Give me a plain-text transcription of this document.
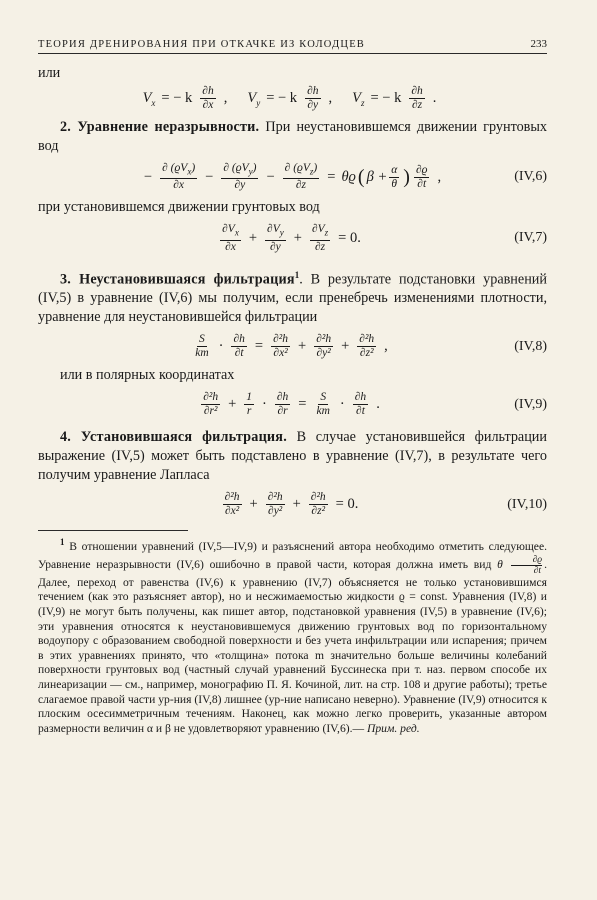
ТЕОРИЯ ДРЕНИРОВАНИЯ ПРИ ОТКАЧКЕ ИЗ КОЛОДЦЕВ	233

или

$V_x$ = − k $\frac{\partial h}{\partial x}$ , $V_y$ = − k $\frac{\partial h}{\partial y}$ , $V_z$ = − k $\frac{\partial h}{\partial z}$ .

2. Уравнение неразрывности. При неустановившемся движении грунтовых вод

− $\frac{\partial (ϱV_x)}{\partial x} - \frac{\partial (ϱV_y)}{\partial y} - \frac{\partial (ϱV_z)}{\partial z} = \theta ϱ$ ( $\beta + \frac{\alpha}{\theta}$ ) $\frac{\partial ϱ}{\partial t}$ ,	(IV,6)

при установившемся движении грунтовых вод

$\frac{\partial V_x}{\partial x} + \frac{\partial V_y}{\partial y} + \frac{\partial V_z}{\partial z} = 0$.	(IV,7)

3. Неустановившаяся фильтрация$^1$. В результате подстановки уравнений (IV,5) в уравнение (IV,6) мы получим, если пренебречь изменениями плотности, уравнение для неустановившейся фильтрации

$\frac{S}{km} \cdot \frac{\partial h}{\partial t} = \frac{\text{∂²h}}{\text{∂x²}} + \frac{\text{∂²h}}{\text{∂y²}} + \frac{\text{∂²h}}{\text{∂z²}}$ ,	(IV,8)

или в полярных координатах

$\frac{\text{∂²h}}{\text{∂r²}} + \frac{1}{r} \cdot \frac{\partial h}{\partial r} = \frac{S}{km} \cdot \frac{\partial h}{\partial t}$ .	(IV,9)

4. Установившаяся фильтрация. В случае установившейся фильтрации выражение (IV,5) может быть подставлено в уравнение (IV,7), в результате чего получим уравнение Лапласа

$\frac{\text{∂²h}}{\text{∂x²}} + \frac{\text{∂²h}}{\text{∂y²}} + \frac{\text{∂²h}}{\text{∂z²}} = 0$.	(IV,10)

$^1$ В отношении уравнений (IV,5—IV,9) и разъяснений автора необходимо отметить следующее. Уравнение неразрывности (IV,6) ошибочно в правой части, которая должна иметь вид θ $\frac{\partial ϱ}{\partial t}$ . Далее, переход от равенства (IV,6) к уравнению (IV,7) объясняется не только установившимся течением (как это разъясняет автор), но и несжимаемостью жидкости ϱ = const. Уравнения (IV,8) и (IV,9) не могут быть получены, как пишет автор, подстановкой уравнения (IV,5) в уравнение (IV,6); эти уравнения относятся к неустановившемуся движению грунтовых вод по горизонтальному водоупору с образованием свободной поверхности и без учета инфильтрации или испарения; причем в этих уравнениях принято, что «толщина» потока m значительно больше величины колебаний поверхности грунтовых вод (частный случай уравнений Буссинеска при т. наз. первом способе их линеаризации — см., например, монографию П. Я. Кочиной, лит. на стр. 108 и другие работы); третье слагаемое правой части ур-ния (IV,8) лишнее (ур-ние написано неверно). Уравнение (IV,9) относится к плоским осесимметричным течениям. Наконец, как можно легко проверить, указанные автором размерности величин α и β не удовлетворяют уравнению (IV,6).— Прим. ред.
